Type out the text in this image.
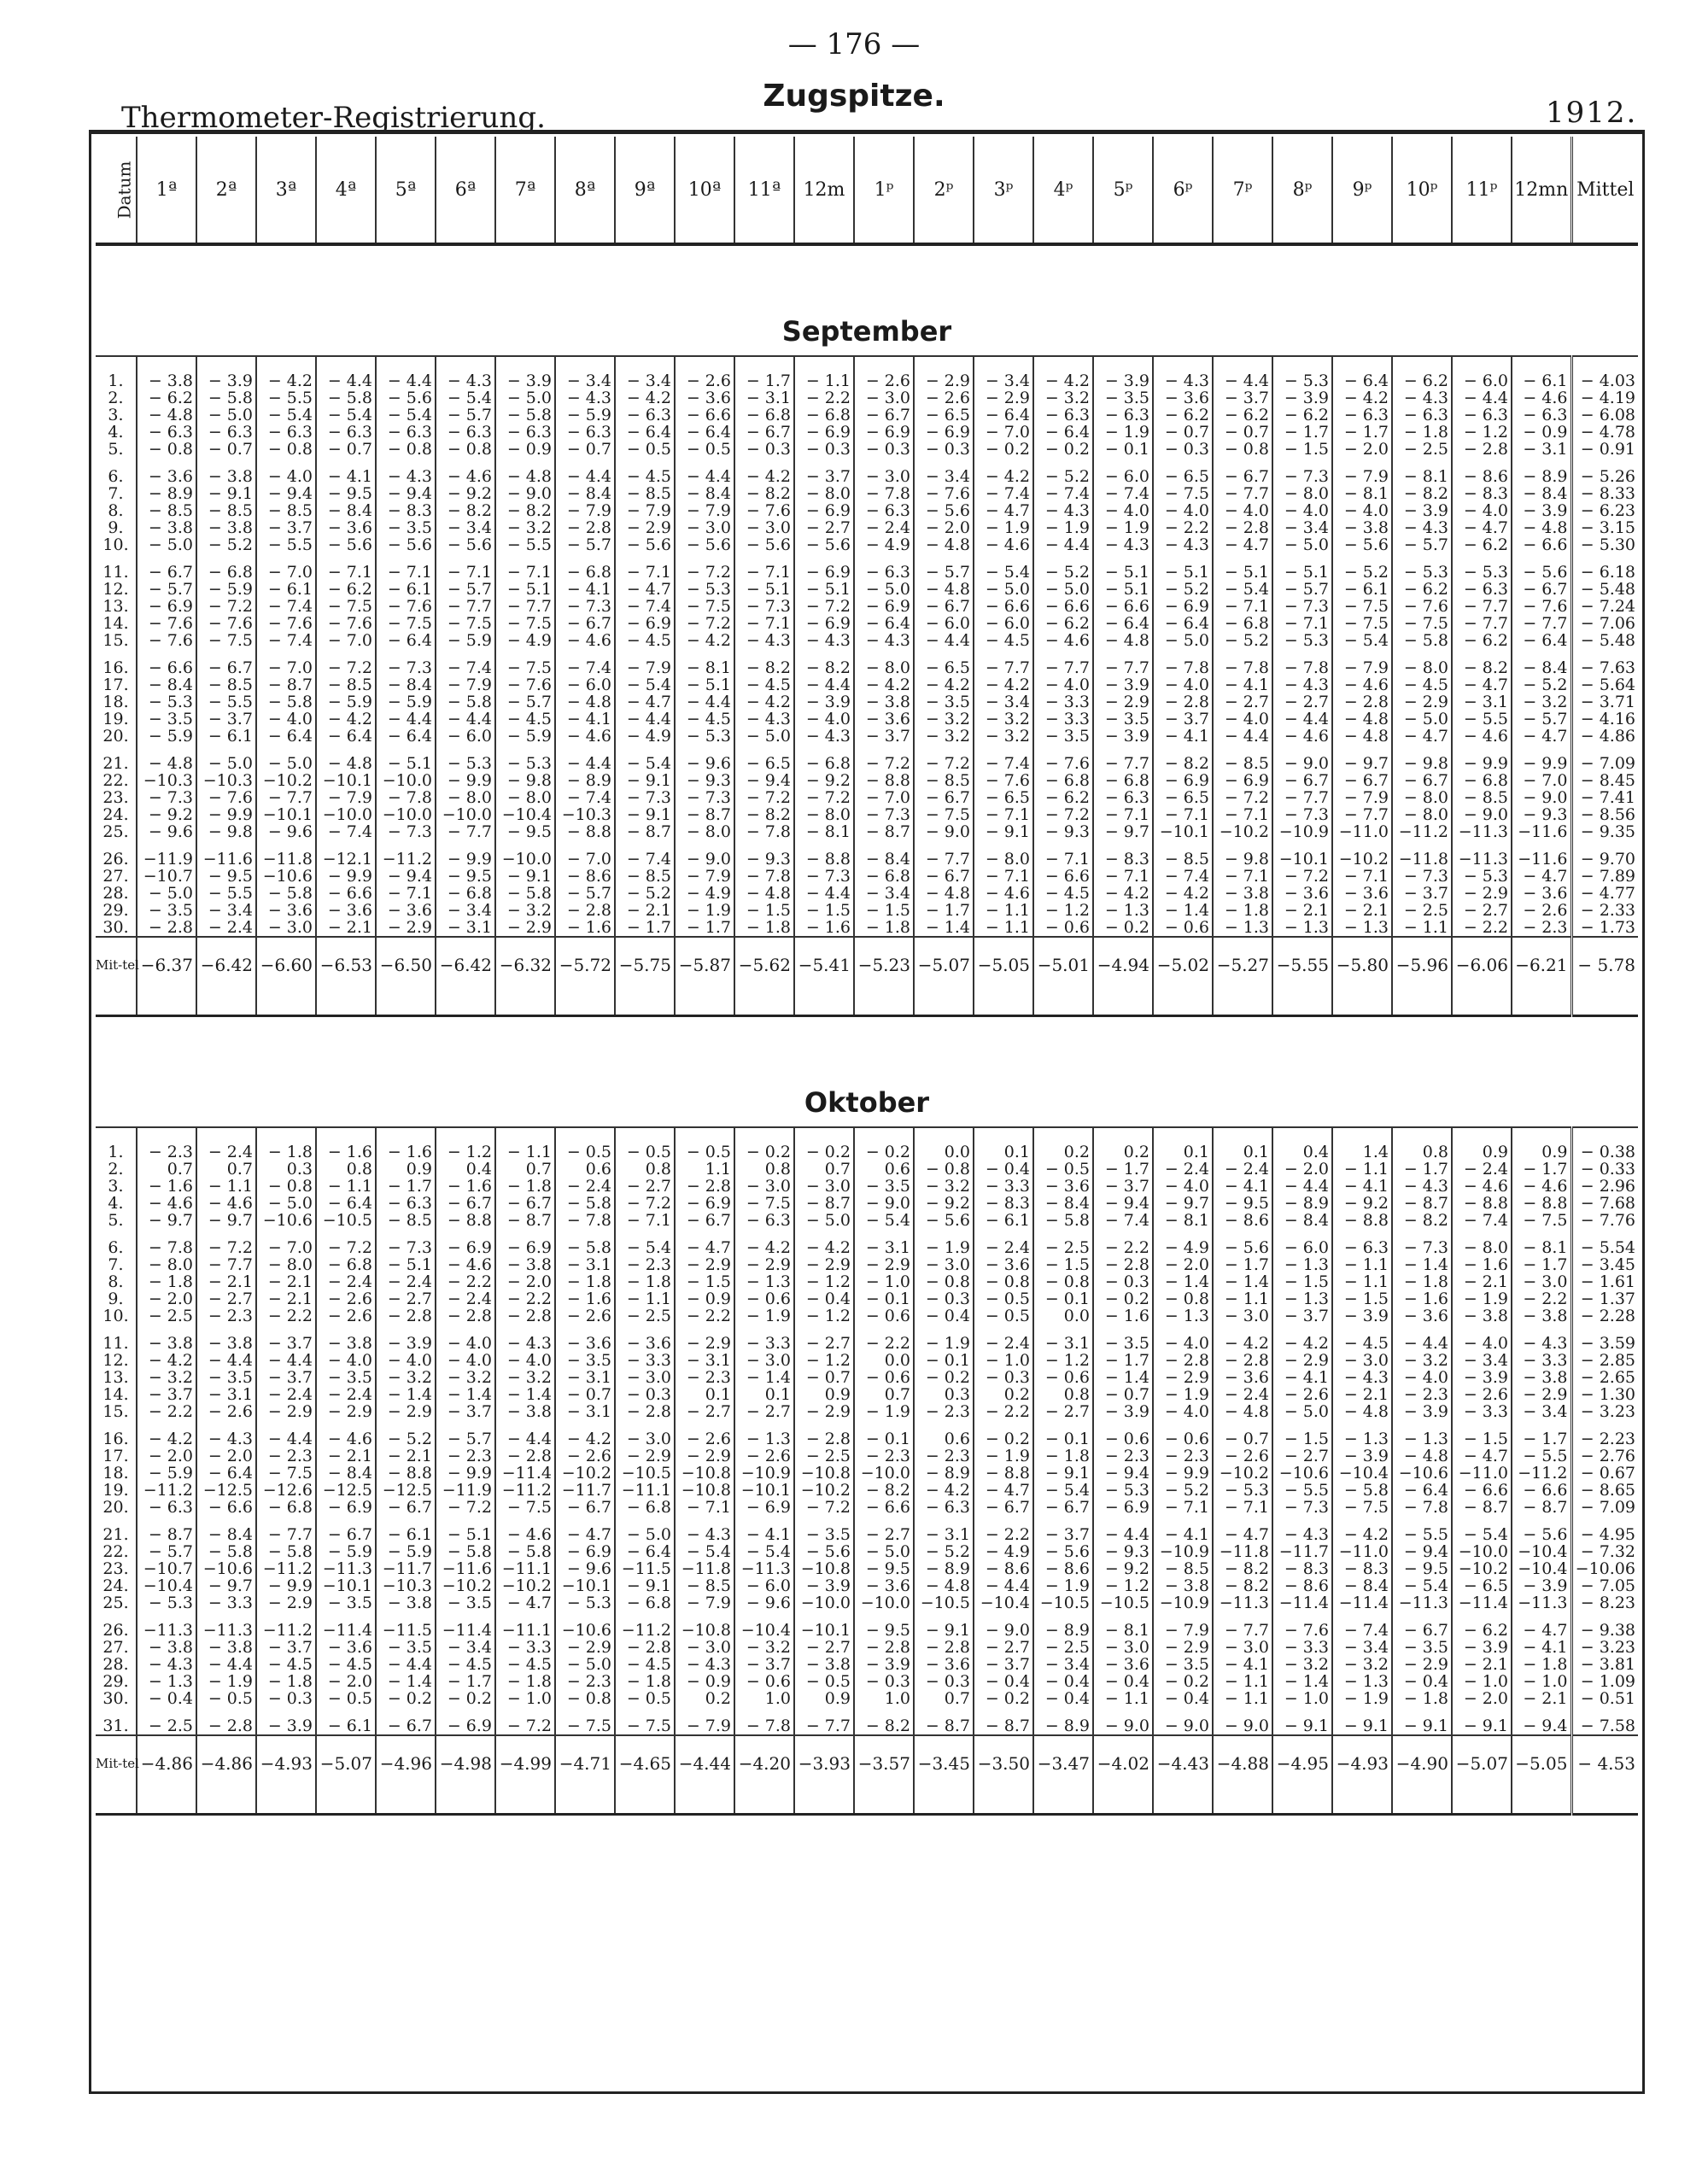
— 176 —
Thermometer-Registrierung.
Zugspitze.	1912.
Datum	1ª	2ª	3ª	4ª	5ª	6ª	7ª	8ª	9ª	10ª	11ª	12m	1ᵖ	2ᵖ	3ᵖ	4ᵖ	5ᵖ	6ᵖ	7ᵖ	8ᵖ	9ᵖ	10ᵖ	11ᵖ	12mn	Mittel
September																									

1.	− 3.8	− 3.9	− 4.2	− 4.4	− 4.4	− 4.3	− 3.9	− 3.4	− 3.4	− 2.6	− 1.7	− 1.1	− 2.6	− 2.9	− 3.4	− 4.2	− 3.9	− 4.3	− 4.4	− 5.3	− 6.4	− 6.2	− 6.0	− 6.1	− 4.03
2.	− 6.2	− 5.8	− 5.5	− 5.8	− 5.6	− 5.4	− 5.0	− 4.3	− 4.2	− 3.6	− 3.1	− 2.2	− 3.0	− 2.6	− 2.9	− 3.2	− 3.5	− 3.6	− 3.7	− 3.9	− 4.2	− 4.3	− 4.4	− 4.6	− 4.19
3.	− 4.8	− 5.0	− 5.4	− 5.4	− 5.4	− 5.7	− 5.8	− 5.9	− 6.3	− 6.6	− 6.8	− 6.8	− 6.7	− 6.5	− 6.4	− 6.3	− 6.3	− 6.2	− 6.2	− 6.2	− 6.3	− 6.3	− 6.3	− 6.3	− 6.08
4.	− 6.3	− 6.3	− 6.3	− 6.3	− 6.3	− 6.3	− 6.3	− 6.3	− 6.4	− 6.4	− 6.7	− 6.9	− 6.9	− 6.9	− 7.0	− 6.4	− 1.9	− 0.7	− 0.7	− 1.7	− 1.7	− 1.8	− 1.2	− 0.9	− 4.78
5.	− 0.8	− 0.7	− 0.8	− 0.7	− 0.8	− 0.8	− 0.9	− 0.7	− 0.5	− 0.5	− 0.3	− 0.3	− 0.3	− 0.3	− 0.2	− 0.2	− 0.1	− 0.3	− 0.8	− 1.5	− 2.0	− 2.5	− 2.8	− 3.1	− 0.91

6.	− 3.6	− 3.8	− 4.0	− 4.1	− 4.3	− 4.6	− 4.8	− 4.4	− 4.5	− 4.4	− 4.2	− 3.7	− 3.0	− 3.4	− 4.2	− 5.2	− 6.0	− 6.5	− 6.7	− 7.3	− 7.9	− 8.1	− 8.6	− 8.9	− 5.26
7.	− 8.9	− 9.1	− 9.4	− 9.5	− 9.4	− 9.2	− 9.0	− 8.4	− 8.5	− 8.4	− 8.2	− 8.0	− 7.8	− 7.6	− 7.4	− 7.4	− 7.4	− 7.5	− 7.7	− 8.0	− 8.1	− 8.2	− 8.3	− 8.4	− 8.33
8.	− 8.5	− 8.5	− 8.5	− 8.4	− 8.3	− 8.2	− 8.2	− 7.9	− 7.9	− 7.9	− 7.6	− 6.9	− 6.3	− 5.6	− 4.7	− 4.3	− 4.0	− 4.0	− 4.0	− 4.0	− 4.0	− 3.9	− 4.0	− 3.9	− 6.23
9.	− 3.8	− 3.8	− 3.7	− 3.6	− 3.5	− 3.4	− 3.2	− 2.8	− 2.9	− 3.0	− 3.0	− 2.7	− 2.4	− 2.0	− 1.9	− 1.9	− 1.9	− 2.2	− 2.8	− 3.4	− 3.8	− 4.3	− 4.7	− 4.8	− 3.15
10.	− 5.0	− 5.2	− 5.5	− 5.6	− 5.6	− 5.6	− 5.5	− 5.7	− 5.6	− 5.6	− 5.6	− 5.6	− 4.9	− 4.8	− 4.6	− 4.4	− 4.3	− 4.3	− 4.7	− 5.0	− 5.6	− 5.7	− 6.2	− 6.6	− 5.30

11.	− 6.7	− 6.8	− 7.0	− 7.1	− 7.1	− 7.1	− 7.1	− 6.8	− 7.1	− 7.2	− 7.1	− 6.9	− 6.3	− 5.7	− 5.4	− 5.2	− 5.1	− 5.1	− 5.1	− 5.1	− 5.2	− 5.3	− 5.3	− 5.6	− 6.18
12.	− 5.7	− 5.9	− 6.1	− 6.2	− 6.1	− 5.7	− 5.1	− 4.1	− 4.7	− 5.3	− 5.1	− 5.1	− 5.0	− 4.8	− 5.0	− 5.0	− 5.1	− 5.2	− 5.4	− 5.7	− 6.1	− 6.2	− 6.3	− 6.7	− 5.48
13.	− 6.9	− 7.2	− 7.4	− 7.5	− 7.6	− 7.7	− 7.7	− 7.3	− 7.4	− 7.5	− 7.3	− 7.2	− 6.9	− 6.7	− 6.6	− 6.6	− 6.6	− 6.9	− 7.1	− 7.3	− 7.5	− 7.6	− 7.7	− 7.6	− 7.24
14.	− 7.6	− 7.6	− 7.6	− 7.6	− 7.5	− 7.5	− 7.5	− 6.7	− 6.9	− 7.2	− 7.1	− 6.9	− 6.4	− 6.0	− 6.0	− 6.2	− 6.4	− 6.4	− 6.8	− 7.1	− 7.5	− 7.5	− 7.7	− 7.7	− 7.06
15.	− 7.6	− 7.5	− 7.4	− 7.0	− 6.4	− 5.9	− 4.9	− 4.6	− 4.5	− 4.2	− 4.3	− 4.3	− 4.3	− 4.4	− 4.5	− 4.6	− 4.8	− 5.0	− 5.2	− 5.3	− 5.4	− 5.8	− 6.2	− 6.4	− 5.48

16.	− 6.6	− 6.7	− 7.0	− 7.2	− 7.3	− 7.4	− 7.5	− 7.4	− 7.9	− 8.1	− 8.2	− 8.2	− 8.0	− 6.5	− 7.7	− 7.7	− 7.7	− 7.8	− 7.8	− 7.8	− 7.9	− 8.0	− 8.2	− 8.4	− 7.63
17.	− 8.4	− 8.5	− 8.7	− 8.5	− 8.4	− 7.9	− 7.6	− 6.0	− 5.4	− 5.1	− 4.5	− 4.4	− 4.2	− 4.2	− 4.2	− 4.0	− 3.9	− 4.0	− 4.1	− 4.3	− 4.6	− 4.5	− 4.7	− 5.2	− 5.64
18.	− 5.3	− 5.5	− 5.8	− 5.9	− 5.9	− 5.8	− 5.7	− 4.8	− 4.7	− 4.4	− 4.2	− 3.9	− 3.8	− 3.5	− 3.4	− 3.3	− 2.9	− 2.8	− 2.7	− 2.7	− 2.8	− 2.9	− 3.1	− 3.2	− 3.71
19.	− 3.5	− 3.7	− 4.0	− 4.2	− 4.4	− 4.4	− 4.5	− 4.1	− 4.4	− 4.5	− 4.3	− 4.0	− 3.6	− 3.2	− 3.2	− 3.3	− 3.5	− 3.7	− 4.0	− 4.4	− 4.8	− 5.0	− 5.5	− 5.7	− 4.16
20.	− 5.9	− 6.1	− 6.4	− 6.4	− 6.4	− 6.0	− 5.9	− 4.6	− 4.9	− 5.3	− 5.0	− 4.3	− 3.7	− 3.2	− 3.2	− 3.5	− 3.9	− 4.1	− 4.4	− 4.6	− 4.8	− 4.7	− 4.6	− 4.7	− 4.86

21.	− 4.8	− 5.0	− 5.0	− 4.8	− 5.1	− 5.3	− 5.3	− 4.4	− 5.4	− 9.6	− 6.5	− 6.8	− 7.2	− 7.2	− 7.4	− 7.6	− 7.7	− 8.2	− 8.5	− 9.0	− 9.7	− 9.8	− 9.9	− 9.9	− 7.09
22.	−10.3	−10.3	−10.2	−10.1	−10.0	− 9.9	− 9.8	− 8.9	− 9.1	− 9.3	− 9.4	− 9.2	− 8.8	− 8.5	− 7.6	− 6.8	− 6.8	− 6.9	− 6.9	− 6.7	− 6.7	− 6.7	− 6.8	− 7.0	− 8.45
23.	− 7.3	− 7.6	− 7.7	− 7.9	− 7.8	− 8.0	− 8.0	− 7.4	− 7.3	− 7.3	− 7.2	− 7.2	− 7.0	− 6.7	− 6.5	− 6.2	− 6.3	− 6.5	− 7.2	− 7.7	− 7.9	− 8.0	− 8.5	− 9.0	− 7.41
24.	− 9.2	− 9.9	−10.1	−10.0	−10.0	−10.0	−10.4	−10.3	− 9.1	− 8.7	− 8.2	− 8.0	− 7.3	− 7.5	− 7.1	− 7.2	− 7.1	− 7.1	− 7.1	− 7.3	− 7.7	− 8.0	− 9.0	− 9.3	− 8.56
25.	− 9.6	− 9.8	− 9.6	− 7.4	− 7.3	− 7.7	− 9.5	− 8.8	− 8.7	− 8.0	− 7.8	− 8.1	− 8.7	− 9.0	− 9.1	− 9.3	− 9.7	−10.1	−10.2	−10.9	−11.0	−11.2	−11.3	−11.6	− 9.35

26.	−11.9	−11.6	−11.8	−12.1	−11.2	− 9.9	−10.0	− 7.0	− 7.4	− 9.0	− 9.3	− 8.8	− 8.4	− 7.7	− 8.0	− 7.1	− 8.3	− 8.5	− 9.8	−10.1	−10.2	−11.8	−11.3	−11.6	− 9.70
27.	−10.7	− 9.5	−10.6	− 9.9	− 9.4	− 9.5	− 9.1	− 8.6	− 8.5	− 7.9	− 7.8	− 7.3	− 6.8	− 6.7	− 7.1	− 6.6	− 7.1	− 7.4	− 7.1	− 7.2	− 7.1	− 7.3	− 5.3	− 4.7	− 7.89
28.	− 5.0	− 5.5	− 5.8	− 6.6	− 7.1	− 6.8	− 5.8	− 5.7	− 5.2	− 4.9	− 4.8	− 4.4	− 3.4	− 4.8	− 4.6	− 4.5	− 4.2	− 4.2	− 3.8	− 3.6	− 3.6	− 3.7	− 2.9	− 3.6	− 4.77
29.	− 3.5	− 3.4	− 3.6	− 3.6	− 3.6	− 3.4	− 3.2	− 2.8	− 2.1	− 1.9	− 1.5	− 1.5	− 1.5	− 1.7	− 1.1	− 1.2	− 1.3	− 1.4	− 1.8	− 2.1	− 2.1	− 2.5	− 2.7	− 2.6	− 2.33
30.	− 2.8	− 2.4	− 3.0	− 2.1	− 2.9	− 3.1	− 2.9	− 1.6	− 1.7	− 1.7	− 1.8	− 1.6	− 1.8	− 1.4	− 1.1	− 0.6	− 0.2	− 0.6	− 1.3	− 1.3	− 1.3	− 1.1	− 2.2	− 2.3	− 1.73
Mit-tel	−6.37	−6.42	−6.60	−6.53	−6.50	−6.42	−6.32	−5.72	−5.75	−5.87	−5.62	−5.41	−5.23	−5.07	−5.05	−5.01	−4.94	−5.02	−5.27	−5.55	−5.80	−5.96	−6.06	−6.21	− 5.78

Oktober																									

1.	− 2.3	− 2.4	− 1.8	− 1.6	− 1.6	− 1.2	− 1.1	− 0.5	− 0.5	− 0.5	− 0.2	− 0.2	− 0.2	0.0	0.1	0.2	0.2	0.1	0.1	0.4	1.4	0.8	0.9	0.9	− 0.38
2.	0.7	0.7	0.3	0.8	0.9	0.4	0.7	0.6	0.8	1.1	0.8	0.7	0.6	− 0.8	− 0.4	− 0.5	− 1.7	− 2.4	− 2.4	− 2.0	− 1.1	− 1.7	− 2.4	− 1.7	− 0.33
3.	− 1.6	− 1.1	− 0.8	− 1.1	− 1.7	− 1.6	− 1.8	− 2.4	− 2.7	− 2.8	− 3.0	− 3.0	− 3.5	− 3.2	− 3.3	− 3.6	− 3.7	− 4.0	− 4.1	− 4.4	− 4.1	− 4.3	− 4.6	− 4.6	− 2.96
4.	− 4.6	− 4.6	− 5.0	− 6.4	− 6.3	− 6.7	− 6.7	− 5.8	− 7.2	− 6.9	− 7.5	− 8.7	− 9.0	− 9.2	− 8.3	− 8.4	− 9.4	− 9.7	− 9.5	− 8.9	− 9.2	− 8.7	− 8.8	− 8.8	− 7.68
5.	− 9.7	− 9.7	−10.6	−10.5	− 8.5	− 8.8	− 8.7	− 7.8	− 7.1	− 6.7	− 6.3	− 5.0	− 5.4	− 5.6	− 6.1	− 5.8	− 7.4	− 8.1	− 8.6	− 8.4	− 8.8	− 8.2	− 7.4	− 7.5	− 7.76

6.	− 7.8	− 7.2	− 7.0	− 7.2	− 7.3	− 6.9	− 6.9	− 5.8	− 5.4	− 4.7	− 4.2	− 4.2	− 3.1	− 1.9	− 2.4	− 2.5	− 2.2	− 4.9	− 5.6	− 6.0	− 6.3	− 7.3	− 8.0	− 8.1	− 5.54
7.	− 8.0	− 7.7	− 8.0	− 6.8	− 5.1	− 4.6	− 3.8	− 3.1	− 2.3	− 2.9	− 2.9	− 2.9	− 2.9	− 3.0	− 3.6	− 1.5	− 2.8	− 2.0	− 1.7	− 1.3	− 1.1	− 1.4	− 1.6	− 1.7	− 3.45
8.	− 1.8	− 2.1	− 2.1	− 2.4	− 2.4	− 2.2	− 2.0	− 1.8	− 1.8	− 1.5	− 1.3	− 1.2	− 1.0	− 0.8	− 0.8	− 0.8	− 0.3	− 1.4	− 1.4	− 1.5	− 1.1	− 1.8	− 2.1	− 3.0	− 1.61
9.	− 2.0	− 2.7	− 2.1	− 2.6	− 2.7	− 2.4	− 2.2	− 1.6	− 1.1	− 0.9	− 0.6	− 0.4	− 0.1	− 0.3	− 0.5	− 0.1	− 0.2	− 0.8	− 1.1	− 1.3	− 1.5	− 1.6	− 1.9	− 2.2	− 1.37
10.	− 2.5	− 2.3	− 2.2	− 2.6	− 2.8	− 2.8	− 2.8	− 2.6	− 2.5	− 2.2	− 1.9	− 1.2	− 0.6	− 0.4	− 0.5	0.0	− 1.6	− 1.3	− 3.0	− 3.7	− 3.9	− 3.6	− 3.8	− 3.8	− 2.28

11.	− 3.8	− 3.8	− 3.7	− 3.8	− 3.9	− 4.0	− 4.3	− 3.6	− 3.6	− 2.9	− 3.3	− 2.7	− 2.2	− 1.9	− 2.4	− 3.1	− 3.5	− 4.0	− 4.2	− 4.2	− 4.5	− 4.4	− 4.0	− 4.3	− 3.59
12.	− 4.2	− 4.4	− 4.4	− 4.0	− 4.0	− 4.0	− 4.0	− 3.5	− 3.3	− 3.1	− 3.0	− 1.2	0.0	− 0.1	− 1.0	− 1.2	− 1.7	− 2.8	− 2.8	− 2.9	− 3.0	− 3.2	− 3.4	− 3.3	− 2.85
13.	− 3.2	− 3.5	− 3.7	− 3.5	− 3.2	− 3.2	− 3.2	− 3.1	− 3.0	− 2.3	− 1.4	− 0.7	− 0.6	− 0.2	− 0.3	− 0.6	− 1.4	− 2.9	− 3.6	− 4.1	− 4.3	− 4.0	− 3.9	− 3.8	− 2.65
14.	− 3.7	− 3.1	− 2.4	− 2.4	− 1.4	− 1.4	− 1.4	− 0.7	− 0.3	0.1	0.1	0.9	0.7	0.3	0.2	0.8	− 0.7	− 1.9	− 2.4	− 2.6	− 2.1	− 2.3	− 2.6	− 2.9	− 1.30
15.	− 2.2	− 2.6	− 2.9	− 2.9	− 2.9	− 3.7	− 3.8	− 3.1	− 2.8	− 2.7	− 2.7	− 2.9	− 1.9	− 2.3	− 2.2	− 2.7	− 3.9	− 4.0	− 4.8	− 5.0	− 4.8	− 3.9	− 3.3	− 3.4	− 3.23

16.	− 4.2	− 4.3	− 4.4	− 4.6	− 5.2	− 5.7	− 4.4	− 4.2	− 3.0	− 2.6	− 1.3	− 2.8	− 0.1	0.6	− 0.2	− 0.1	− 0.6	− 0.6	− 0.7	− 1.5	− 1.3	− 1.3	− 1.5	− 1.7	− 2.23
17.	− 2.0	− 2.0	− 2.3	− 2.1	− 2.1	− 2.3	− 2.8	− 2.6	− 2.9	− 2.9	− 2.6	− 2.5	− 2.3	− 2.3	− 1.9	− 1.8	− 2.3	− 2.3	− 2.6	− 2.7	− 3.9	− 4.8	− 4.7	− 5.5	− 2.76
18.	− 5.9	− 6.4	− 7.5	− 8.4	− 8.8	− 9.9	−11.4	−10.2	−10.5	−10.8	−10.9	−10.8	−10.0	− 8.9	− 8.8	− 9.1	− 9.4	− 9.9	−10.2	−10.6	−10.4	−10.6	−11.0	−11.2	− 0.67
19.	−11.2	−12.5	−12.6	−12.5	−12.5	−11.9	−11.2	−11.7	−11.1	−10.8	−10.1	−10.2	− 8.2	− 4.2	− 4.7	− 5.4	− 5.3	− 5.2	− 5.3	− 5.5	− 5.8	− 6.4	− 6.6	− 6.6	− 8.65
20.	− 6.3	− 6.6	− 6.8	− 6.9	− 6.7	− 7.2	− 7.5	− 6.7	− 6.8	− 7.1	− 6.9	− 7.2	− 6.6	− 6.3	− 6.7	− 6.7	− 6.9	− 7.1	− 7.1	− 7.3	− 7.5	− 7.8	− 8.7	− 8.7	− 7.09

21.	− 8.7	− 8.4	− 7.7	− 6.7	− 6.1	− 5.1	− 4.6	− 4.7	− 5.0	− 4.3	− 4.1	− 3.5	− 2.7	− 3.1	− 2.2	− 3.7	− 4.4	− 4.1	− 4.7	− 4.3	− 4.2	− 5.5	− 5.4	− 5.6	− 4.95
22.	− 5.7	− 5.8	− 5.8	− 5.9	− 5.9	− 5.8	− 5.8	− 6.9	− 6.4	− 5.4	− 5.4	− 5.6	− 5.0	− 5.2	− 4.9	− 5.6	− 9.3	−10.9	−11.8	−11.7	−11.0	− 9.4	−10.0	−10.4	− 7.32
23.	−10.7	−10.6	−11.2	−11.3	−11.7	−11.6	−11.1	− 9.6	−11.5	−11.8	−11.3	−10.8	− 9.5	− 8.9	− 8.6	− 8.6	− 9.2	− 8.5	− 8.2	− 8.3	− 8.3	− 9.5	−10.2	−10.4	−10.06
24.	−10.4	− 9.7	− 9.9	−10.1	−10.3	−10.2	−10.2	−10.1	− 9.1	− 8.5	− 6.0	− 3.9	− 3.6	− 4.8	− 4.4	− 1.9	− 1.2	− 3.8	− 8.2	− 8.6	− 8.4	− 5.4	− 6.5	− 3.9	− 7.05
25.	− 5.3	− 3.3	− 2.9	− 3.5	− 3.8	− 3.5	− 4.7	− 5.3	− 6.8	− 7.9	− 9.6	−10.0	−10.0	−10.5	−10.4	−10.5	−10.5	−10.9	−11.3	−11.4	−11.4	−11.3	−11.4	−11.3	− 8.23

26.	−11.3	−11.3	−11.2	−11.4	−11.5	−11.4	−11.1	−10.6	−11.2	−10.8	−10.4	−10.1	− 9.5	− 9.1	− 9.0	− 8.9	− 8.1	− 7.9	− 7.7	− 7.6	− 7.4	− 6.7	− 6.2	− 4.7	− 9.38
27.	− 3.8	− 3.8	− 3.7	− 3.6	− 3.5	− 3.4	− 3.3	− 2.9	− 2.8	− 3.0	− 3.2	− 2.7	− 2.8	− 2.8	− 2.7	− 2.5	− 3.0	− 2.9	− 3.0	− 3.3	− 3.4	− 3.5	− 3.9	− 4.1	− 3.23
28.	− 4.3	− 4.4	− 4.5	− 4.5	− 4.4	− 4.5	− 4.5	− 5.0	− 4.5	− 4.3	− 3.7	− 3.8	− 3.9	− 3.6	− 3.7	− 3.4	− 3.6	− 3.5	− 4.1	− 3.2	− 3.2	− 2.9	− 2.1	− 1.8	− 3.81
29.	− 1.3	− 1.9	− 1.8	− 2.0	− 1.4	− 1.7	− 1.8	− 2.3	− 1.8	− 0.9	− 0.6	− 0.5	− 0.3	− 0.3	− 0.4	− 0.4	− 0.4	− 0.2	− 1.1	− 1.4	− 1.3	− 0.4	− 1.0	− 1.0	− 1.09
30.	− 0.4	− 0.5	− 0.3	− 0.5	− 0.2	− 0.2	− 1.0	− 0.8	− 0.5	0.2	1.0	0.9	1.0	0.7	− 0.2	− 0.4	− 1.1	− 0.4	− 1.1	− 1.0	− 1.9	− 1.8	− 2.0	− 2.1	− 0.51

31.	− 2.5	− 2.8	− 3.9	− 6.1	− 6.7	− 6.9	− 7.2	− 7.5	− 7.5	− 7.9	− 7.8	− 7.7	− 8.2	− 8.7	− 8.7	− 8.9	− 9.0	− 9.0	− 9.0	− 9.1	− 9.1	− 9.1	− 9.1	− 9.4	− 7.58
Mit-tel	−4.86	−4.86	−4.93	−5.07	−4.96	−4.98	−4.99	−4.71	−4.65	−4.44	−4.20	−3.93	−3.57	−3.45	−3.50	−3.47	−4.02	−4.43	−4.88	−4.95	−4.93	−4.90	−5.07	−5.05	− 4.53
